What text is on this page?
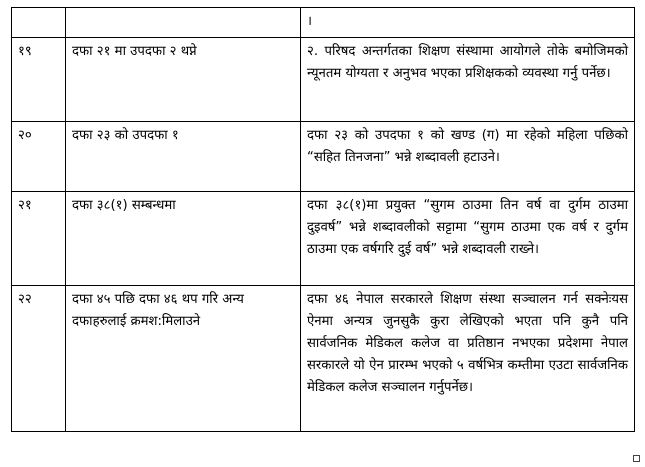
		।

१९	दफा २१ मा उपदफा २ थप्ने	२. परिषद अन्तर्गतका शिक्षण संस्थामा आयोगले तोके बमोजिमको न्यूनतम योग्यता र अनुभव भएका प्रशिक्षकको व्यवस्था गर्नु पर्नेछ।

२०	दफा २३ को उपदफा १	दफा २३ को उपदफा १ को खण्ड (ग) मा रहेको महिला पछिको “सहित तिनजना” भन्ने शब्दावली हटाउने।

२१	दफा ३८(१) सम्बन्धमा	दफा ३८(१)मा प्रयुक्त “सुगम ठाउमा तिन वर्ष वा दुर्गम ठाउमा दुइवर्ष” भन्ने शब्दावलीको सट्टामा “सुगम ठाउमा एक वर्ष र दुर्गम ठाउमा एक वर्षगरि दुई वर्ष” भन्ने शब्दावली राख्ने।

२२	दफा ४५ पछि दफा ४६ थप गरि अन्य दफाहरुलाई क्रमश:मिलाउने	दफा ४६ नेपाल सरकारले शिक्षण संस्था सञ्चालन गर्न सक्नेःयस ऐनमा अन्यत्र जुनसुकै कुरा लेखिएको भएता पनि कुनै पनि सार्वजनिक मेडिकल कलेज वा प्रतिष्ठान नभएका प्रदेशमा नेपाल सरकारले यो ऐन प्रारम्भ भएको ५ वर्षभित्र कम्तीमा एउटा सार्वजनिक मेडिकल कलेज सञ्चालन गर्नुपर्नेछ।
